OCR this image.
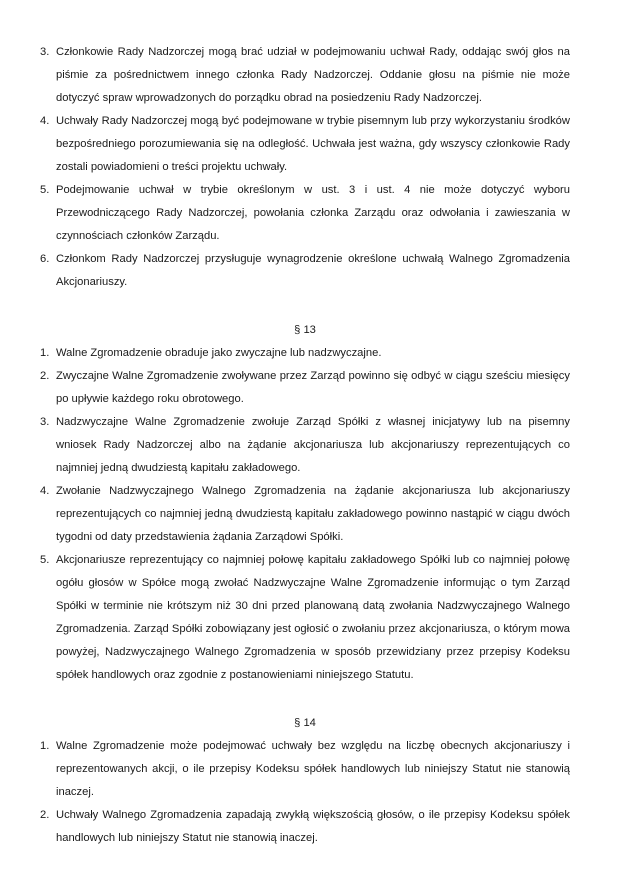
3. Członkowie Rady Nadzorczej mogą brać udział w podejmowaniu uchwał Rady, oddając swój głos na piśmie za pośrednictwem innego członka Rady Nadzorczej. Oddanie głosu na piśmie nie może dotyczyć spraw wprowadzonych do porządku obrad na posiedzeniu Rady Nadzorczej.
4. Uchwały Rady Nadzorczej mogą być podejmowane w trybie pisemnym lub przy wykorzystaniu środków bezpośredniego porozumiewania się na odległość. Uchwała jest ważna, gdy wszyscy członkowie Rady zostali powiadomieni o treści projektu uchwały.
5. Podejmowanie uchwał w trybie określonym w ust. 3 i ust. 4 nie może dotyczyć wyboru Przewodniczącego Rady Nadzorczej, powołania członka Zarządu oraz odwołania i zawieszania w czynnościach członków Zarządu.
6. Członkom Rady Nadzorczej przysługuje wynagrodzenie określone uchwałą Walnego Zgromadzenia Akcjonariuszy.

§ 13

1. Walne Zgromadzenie obraduje jako zwyczajne lub nadzwyczajne.
2. Zwyczajne Walne Zgromadzenie zwoływane przez Zarząd powinno się odbyć w ciągu sześciu miesięcy po upływie każdego roku obrotowego.
3. Nadzwyczajne Walne Zgromadzenie zwołuje Zarząd Spółki z własnej inicjatywy lub na pisemny wniosek Rady Nadzorczej albo na żądanie akcjonariusza lub akcjonariuszy reprezentujących co najmniej jedną dwudziestą kapitału zakładowego.
4. Zwołanie Nadzwyczajnego Walnego Zgromadzenia na żądanie akcjonariusza lub akcjonariuszy reprezentujących co najmniej jedną dwudziestą kapitału zakładowego powinno nastąpić w ciągu dwóch tygodni od daty przedstawienia żądania Zarządowi Spółki.
5. Akcjonariusze reprezentujący co najmniej połowę kapitału zakładowego Spółki lub co najmniej połowę ogółu głosów w Spółce mogą zwołać Nadzwyczajne Walne Zgromadzenie informując o tym Zarząd Spółki w terminie nie krótszym niż 30 dni przed planowaną datą zwołania Nadzwyczajnego Walnego Zgromadzenia. Zarząd Spółki zobowiązany jest ogłosić o zwołaniu przez akcjonariusza, o którym mowa powyżej, Nadzwyczajnego Walnego Zgromadzenia w sposób przewidziany przez przepisy Kodeksu spółek handlowych oraz zgodnie z postanowieniami niniejszego Statutu.

§ 14

1. Walne Zgromadzenie może podejmować uchwały bez względu na liczbę obecnych akcjonariuszy i reprezentowanych akcji, o ile przepisy Kodeksu spółek handlowych lub niniejszy Statut nie stanowią inaczej.
2. Uchwały Walnego Zgromadzenia zapadają zwykłą większością głosów, o ile przepisy Kodeksu spółek handlowych lub niniejszy Statut nie stanowią inaczej.
